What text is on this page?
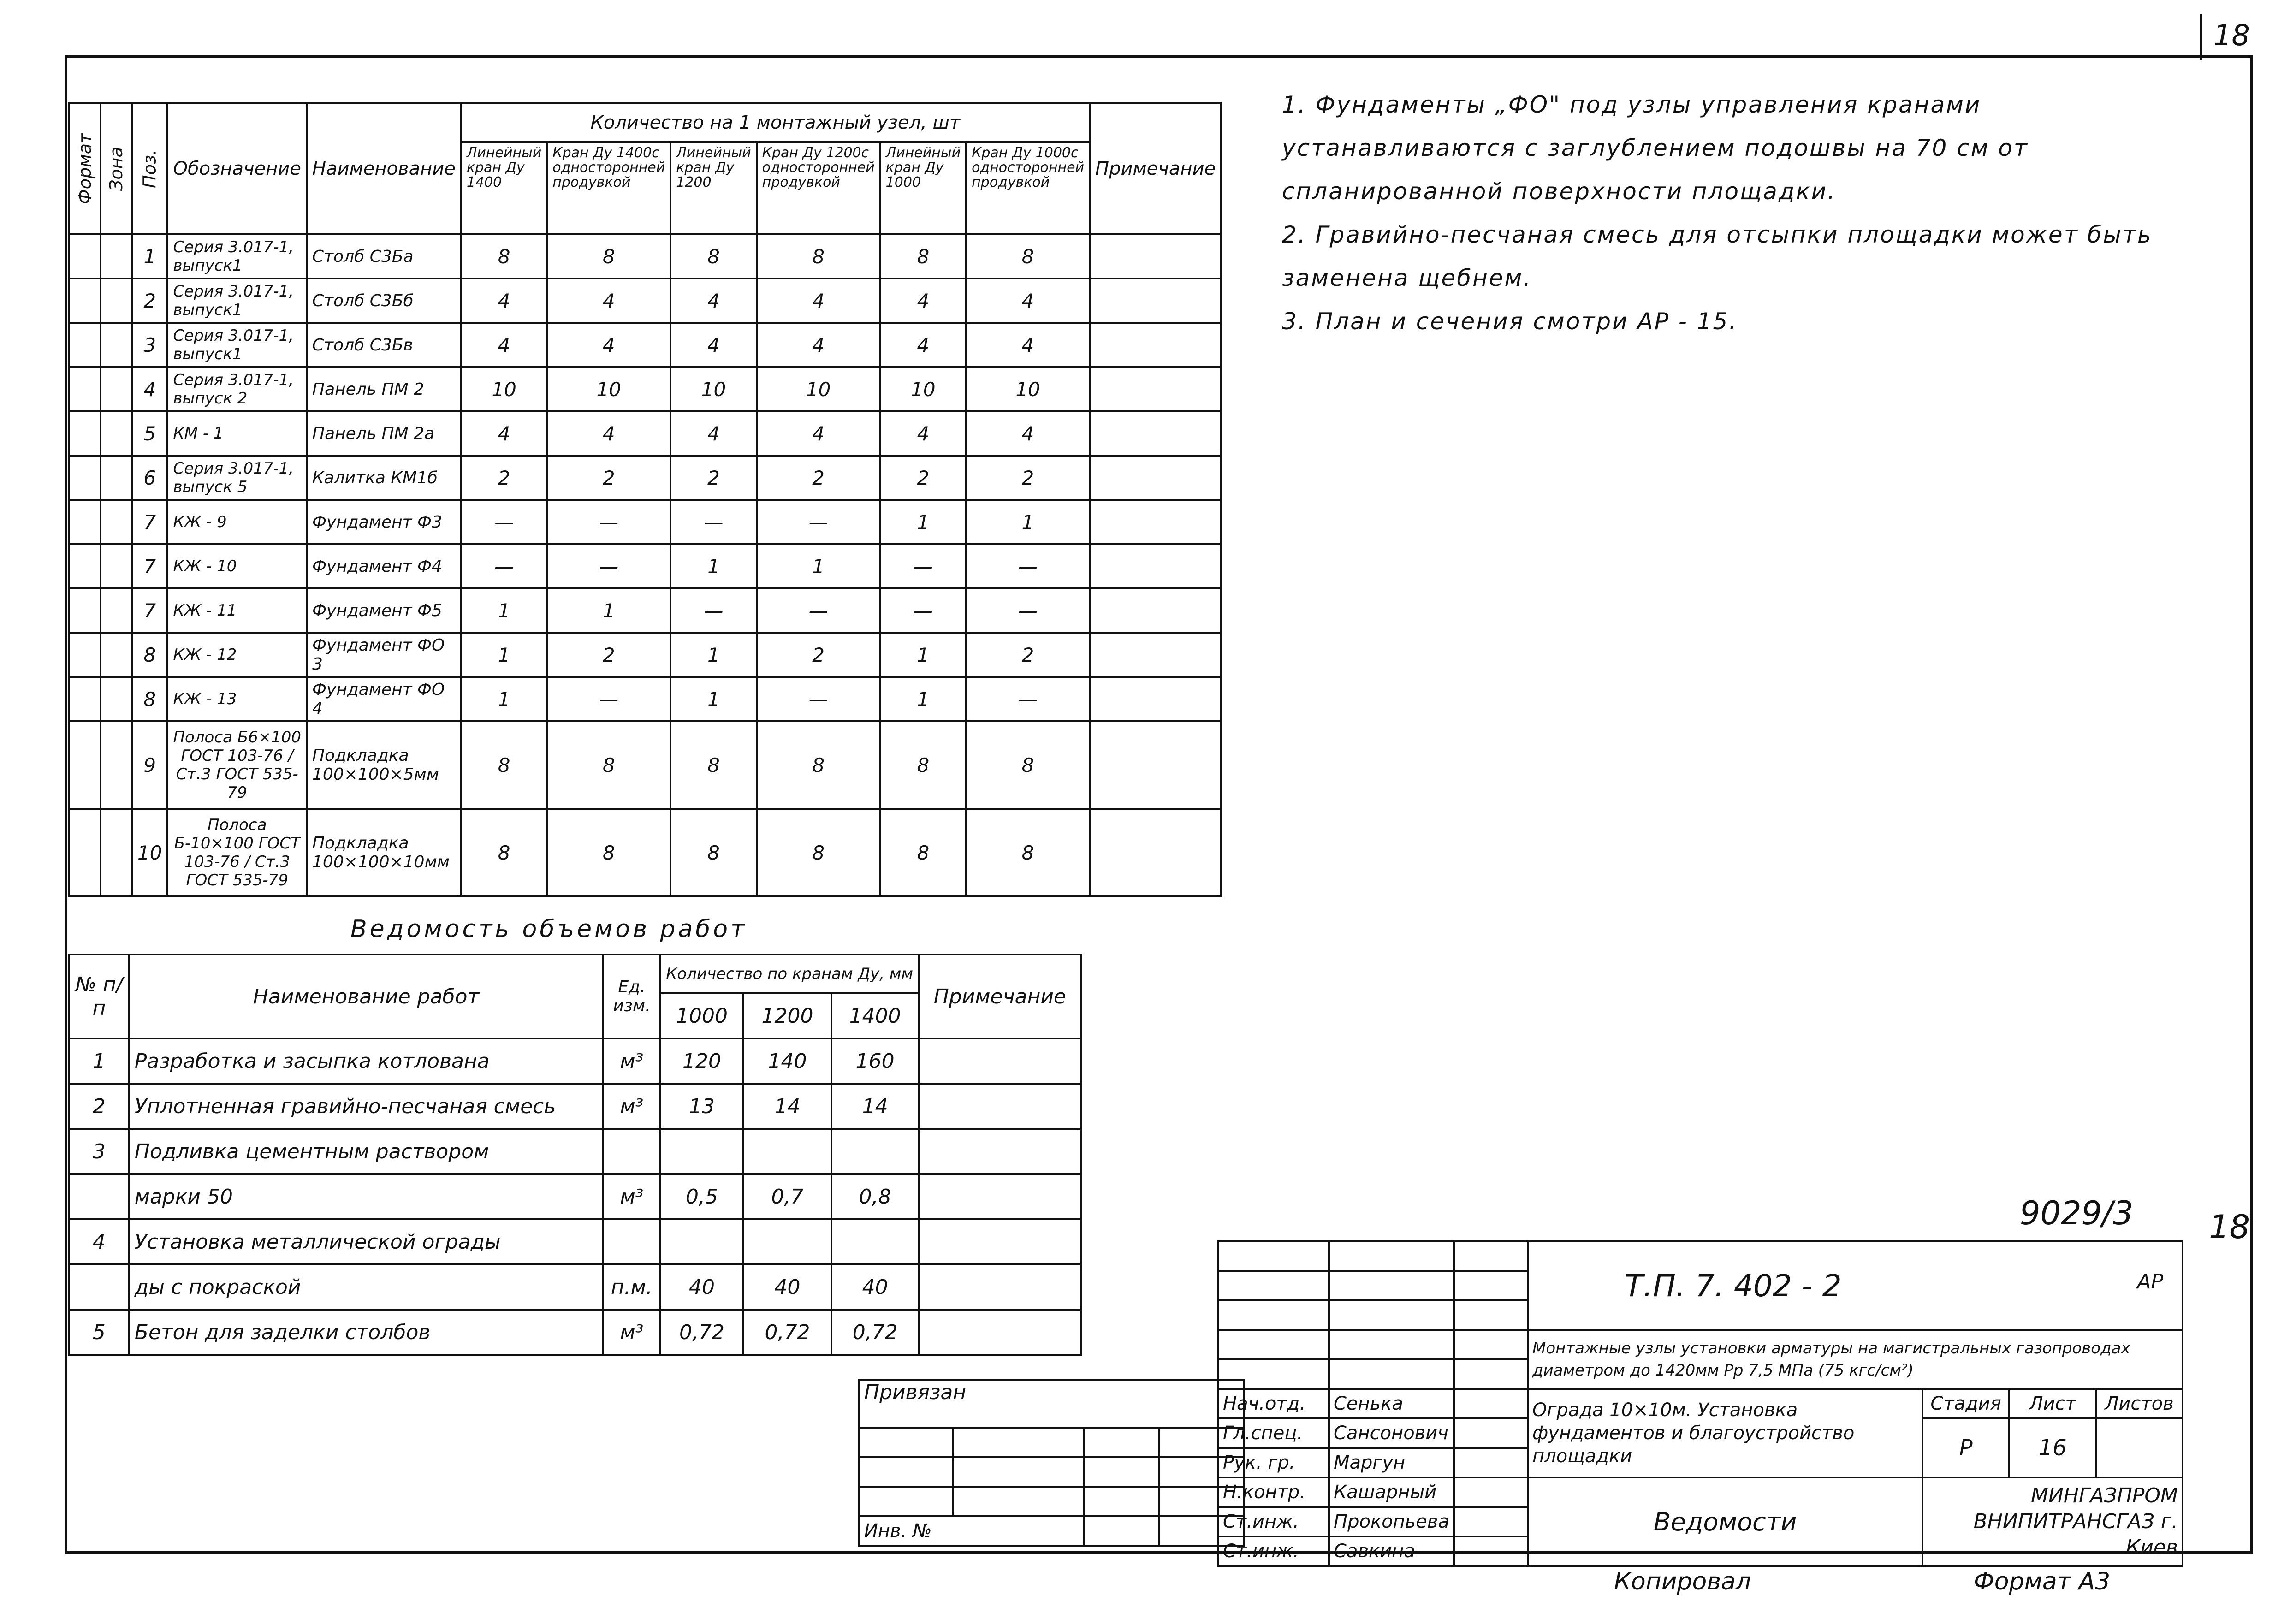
18
Формат	Зона	Поз.	Обозначение	Наименование	Количество на 1 монтажный узел, шт						Примечание
					Линейный кран Ду 1400	Кран Ду 1400с односторонней продувкой	Линейный кран Ду 1200	Кран Ду 1200с односторонней продувкой	Линейный кран Ду 1000	Кран Ду 1000с односторонней продувкой	
		1	Серия 3.017-1, выпуск1	Столб С3Ба	8	8	8	8	8	8	
		2	Серия 3.017-1, выпуск1	Столб С3Бб	4	4	4	4	4	4	
		3	Серия 3.017-1, выпуск1	Столб С3Бв	4	4	4	4	4	4	
		4	Серия 3.017-1, выпуск 2	Панель ПМ 2	10	10	10	10	10	10	
		5	КМ - 1	Панель ПМ 2а	4	4	4	4	4	4	
		6	Серия 3.017-1, выпуск 5	Калитка КМ1б	2	2	2	2	2	2	
		7	КЖ - 9	Фундамент Ф3	—	—	—	—	1	1	
		7	КЖ - 10	Фундамент Ф4	—	—	1	1	—	—	
		7	КЖ - 11	Фундамент Ф5	1	1	—	—	—	—	
		8	КЖ - 12	Фундамент ФО 3	1	2	1	2	1	2	
		8	КЖ - 13	Фундамент ФО 4	1	—	1	—	1	—	
		9	Полоса Б6×100 ГОСТ 103-76 / Ст.3 ГОСТ 535-79	Подкладка 100×100×5мм	8	8	8	8	8	8	
		10	Полоса Б-10×100 ГОСТ 103-76 / Ст.3 ГОСТ 535-79	Подкладка 100×100×10мм	8	8	8	8	8	8	
Ведомость объемов работ
№ п/п	Наименование работ	Ед. изм.	Количество по кранам Ду, мм			Примечание
			1000	1200	1400	
1	Разработка и засыпка котлована	м³	120	140	160	
2	Уплотненная гравийно-песчаная смесь	м³	13	14	14	
3	Подливка цементным раствором					
	марки 50	м³	0,5	0,7	0,8	
4	Установка металлической ограды					
	ды с покраской	п.м.	40	40	40	
5	Бетон для заделки столбов	м³	0,72	0,72	0,72	

1. Фундаменты „ФО" под узлы управления кранами устанавливаются с заглублением подошвы на 70 см от спланированной поверхности площадки.

2. Гравийно-песчаная смесь для отсыпки площадки может быть заменена щебнем.

3. План и сечения смотри АР - 15.

9029/3 18
			Т.П. 7. 402 - 2 АР			

			Монтажные узлы установки арматуры на магистральных газопроводах диаметром до 1420мм Рр 7,5 МПа (75 кгс/см²)			

Нач.отд.	Сенька		Ограда 10×10м. Установка фундаментов и благоустройство площадки	Стадия	Лист	Листов
Гл.спец.	Сансонович			Р	16	
Рук. гр.	Маргун					
Н.контр.	Кашарный		Ведомости	МИНГАЗПРОМ ВНИПИТРАНСГАЗ г. Киев		
Ст.инж.	Прокопьева					
Ст.инж.	Савкина					
Привязан			

Инв. №			
Копировал	Формат А3
